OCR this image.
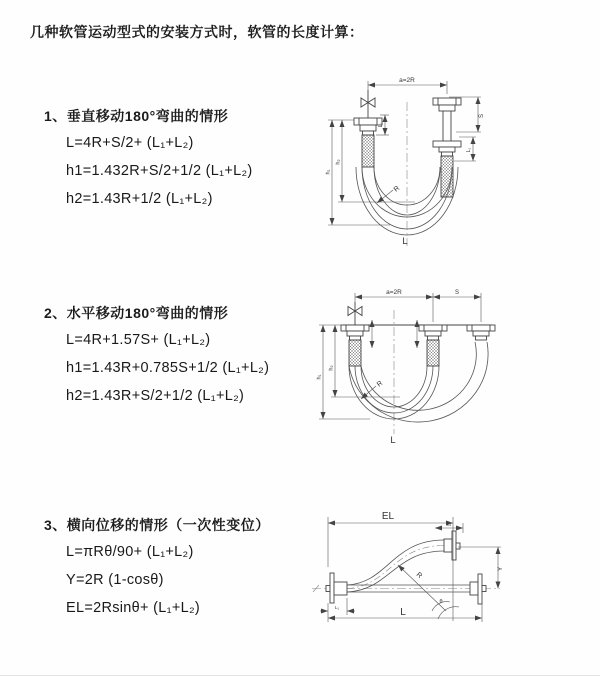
几种软管运动型式的安装方式时，软管的长度计算：
1、垂直移动180°弯曲的情形
L=4R+S/2+ (L₁+L₂)
h1=1.432R+S/2+1/2 (L₁+L₂)
h2=1.43R+1/2 (L₁+L₂)
a=2R
S
L₁
L₁
h₁
h₂
R
L
2、水平移动180°弯曲的情形
L=4R+1.57S+ (L₁+L₂)
h1=1.43R+0.785S+1/2 (L₁+L₂)
h2=1.43R+S/2+1/2 (L₁+L₂)
a=2R	S
h₁
h₂
R
L
3、横向位移的情形（一次性变位）
L=πRθ/90+ (L₁+L₂)
Y=2R (1-cosθ)
EL=2Rsinθ+ (L₁+L₂)
EL
L₁
L₁
Y
R
θ
L
